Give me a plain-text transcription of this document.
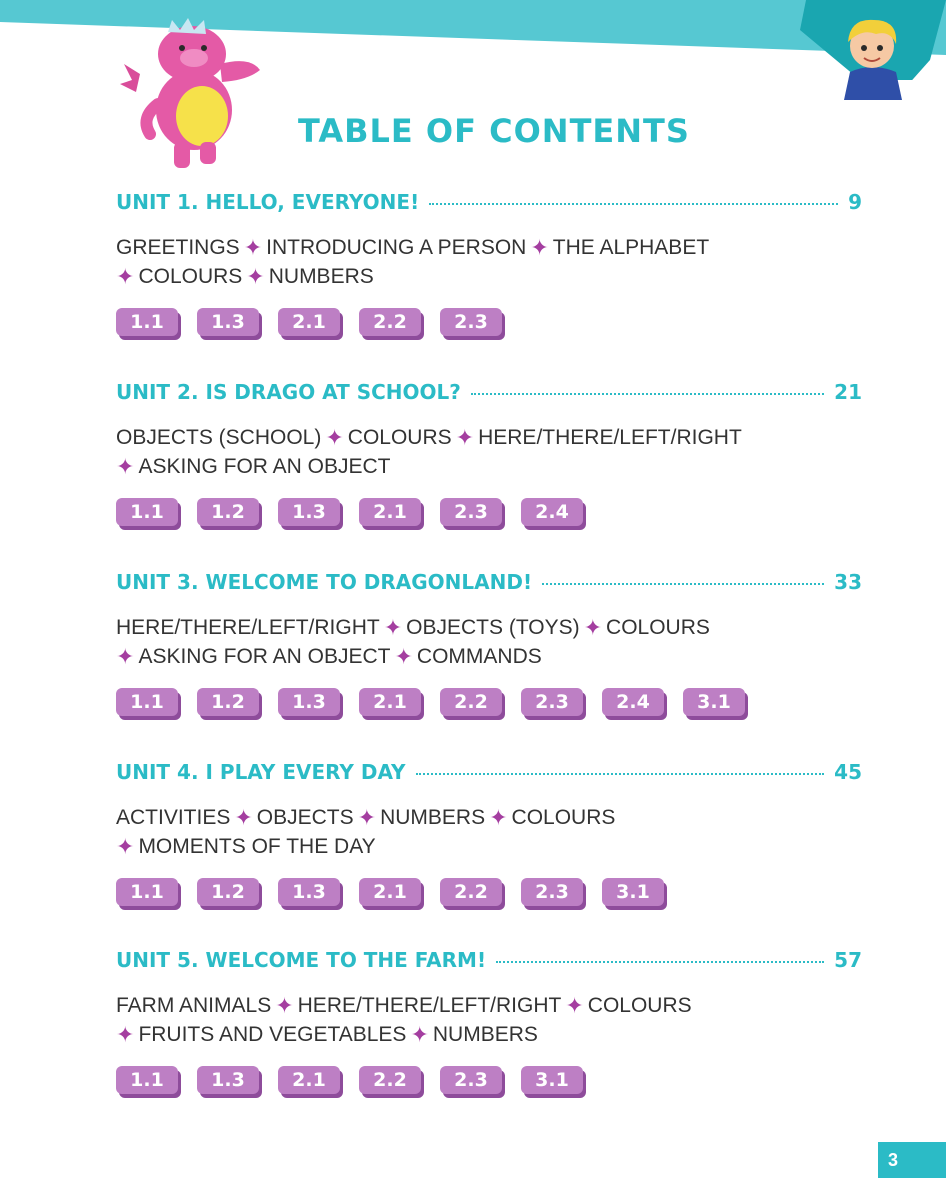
TABLE OF CONTENTS
UNIT 1. HELLO, EVERYONE!	9
GREETINGS ✦ INTRODUCING A PERSON ✦ THE ALPHABET
✦ COLOURS ✦ NUMBERS
1.1	1.3	2.1	2.2	2.3
UNIT 2. IS DRAGO AT SCHOOL?	21
OBJECTS (SCHOOL) ✦ COLOURS ✦ HERE/THERE/LEFT/RIGHT
✦ ASKING FOR AN OBJECT
1.1	1.2	1.3	2.1	2.3	2.4
UNIT 3. WELCOME TO DRAGONLAND!	33
HERE/THERE/LEFT/RIGHT ✦ OBJECTS (TOYS) ✦ COLOURS
✦ ASKING FOR AN OBJECT ✦ COMMANDS
1.1	1.2	1.3	2.1	2.2	2.3	2.4	3.1
UNIT 4. I PLAY EVERY DAY	45
ACTIVITIES ✦ OBJECTS ✦ NUMBERS ✦ COLOURS
✦ MOMENTS OF THE DAY
1.1	1.2	1.3	2.1	2.2	2.3	3.1
UNIT 5. WELCOME TO THE FARM!	57
FARM ANIMALS ✦ HERE/THERE/LEFT/RIGHT ✦ COLOURS
✦ FRUITS AND VEGETABLES ✦ NUMBERS
1.1	1.3	2.1	2.2	2.3	3.1
3
